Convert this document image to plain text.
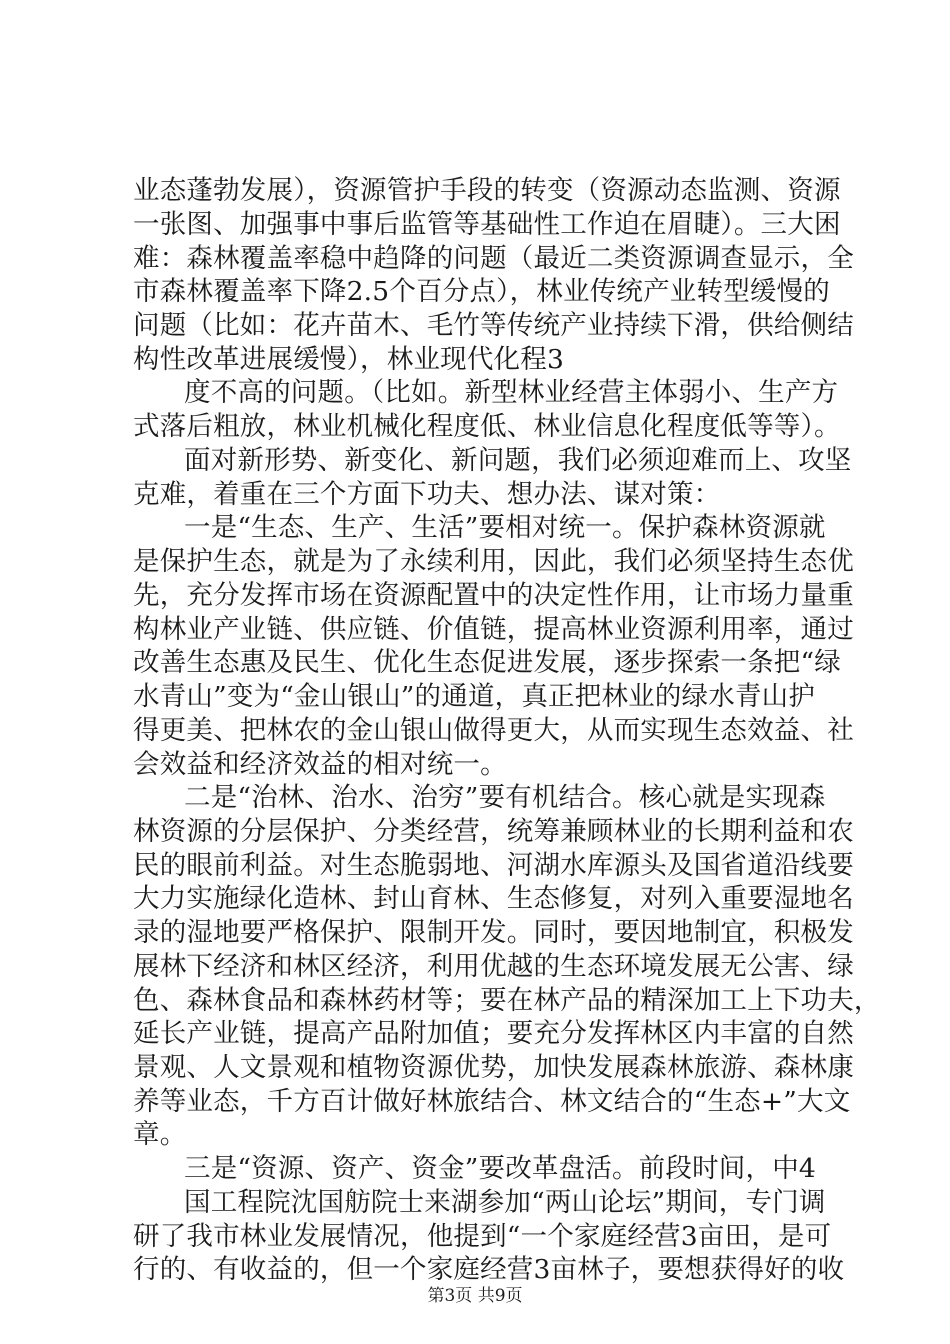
业态蓬勃发展），资源管护手段的转变（资源动态监测、资源
一张图、加强事中事后监管等基础性工作迫在眉睫）。三大困
难：森林覆盖率稳中趋降的问题（最近二类资源调查显示，全
市森林覆盖率下降2.5个百分点），林业传统产业转型缓慢的
问题（比如：花卉苗木、毛竹等传统产业持续下滑，供给侧结
构性改革进展缓慢），林业现代化程3
度不高的问题。（比如。新型林业经营主体弱小、生产方
式落后粗放，林业机械化程度低、林业信息化程度低等等）。
面对新形势、新变化、新问题，我们必须迎难而上、攻坚
克难，着重在三个方面下功夫、想办法、谋对策：
一是“生态、生产、生活”要相对统一。保护森林资源就
是保护生态，就是为了永续利用，因此，我们必须坚持生态优
先，充分发挥市场在资源配置中的决定性作用，让市场力量重
构林业产业链、供应链、价值链，提高林业资源利用率，通过
改善生态惠及民生、优化生态促进发展，逐步探索一条把“绿
水青山”变为“金山银山”的通道，真正把林业的绿水青山护
得更美、把林农的金山银山做得更大，从而实现生态效益、社
会效益和经济效益的相对统一。
二是“治林、治水、治穷”要有机结合。核心就是实现森
林资源的分层保护、分类经营，统筹兼顾林业的长期利益和农
民的眼前利益。对生态脆弱地、河湖水库源头及国省道沿线要
大力实施绿化造林、封山育林、生态修复，对列入重要湿地名
录的湿地要严格保护、限制开发。同时，要因地制宜，积极发
展林下经济和林区经济，利用优越的生态环境发展无公害、绿
色、森林食品和森林药材等；要在林产品的精深加工上下功夫，
延长产业链，提高产品附加值；要充分发挥林区内丰富的自然
景观、人文景观和植物资源优势，加快发展森林旅游、森林康
养等业态，千方百计做好林旅结合、林文结合的“生态+”大文
章。
三是“资源、资产、资金”要改革盘活。前段时间，中4
国工程院沈国舫院士来湖参加“两山论坛”期间，专门调
研了我市林业发展情况，他提到“一个家庭经营3亩田，是可
行的、有收益的，但一个家庭经营3亩林子，要想获得好的收
第3页 共9页
